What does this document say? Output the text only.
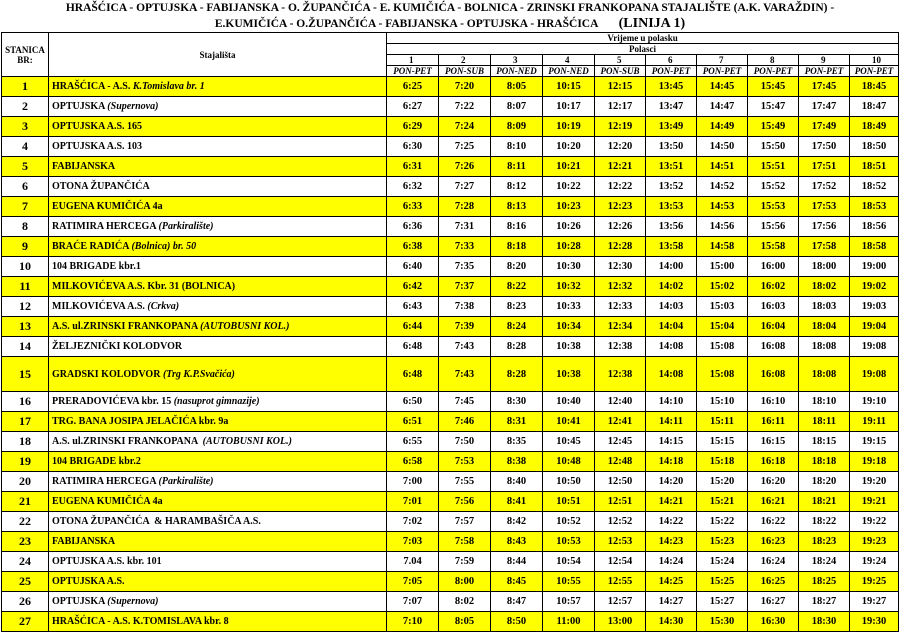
HRAŠĆICA - OPTUJSKA - FABIJANSKA - O. ŽUPANČIĆA - E. KUMIČIĆA - BOLNICA - ZRINSKI FRANKOPANA STAJALIŠTE (A.K. VARAŽDIN) -
E.KUMIČIĆA - O.ŽUPANČIĆA - FABIJANSKA - OPTUJSKA - HRAŠĆICA (LINIJA 1)
STANICA BR:	Stajališta	Vrijeme u polasku									
		Polasci									
		1	2	3	4	5	6	7	8	9	10
		PON-PET	PON-SUB	PON-NED	PON-NED	PON-SUB	PON-PET	PON-PET	PON-PET	PON-PET	PON-PET
1	HRAŠĆICA - A.S. K.Tomislava br. 1	6:25	7:20	8:05	10:15	12:15	13:45	14:45	15:45	17:45	18:45
2	OPTUJSKA (Supernova)	6:27	7:22	8:07	10:17	12:17	13:47	14:47	15:47	17:47	18:47
3	OPTUJSKA A.S. 165	6:29	7:24	8:09	10:19	12:19	13:49	14:49	15:49	17:49	18:49
4	OPTUJSKA A.S. 103	6:30	7:25	8:10	10:20	12:20	13:50	14:50	15:50	17:50	18:50
5	FABIJANSKA	6:31	7:26	8:11	10:21	12:21	13:51	14:51	15:51	17:51	18:51
6	OTONA ŽUPANČIĆA	6:32	7:27	8:12	10:22	12:22	13:52	14:52	15:52	17:52	18:52
7	EUGENA KUMIČIĆA 4a	6:33	7:28	8:13	10:23	12:23	13:53	14:53	15:53	17:53	18:53
8	RATIMIRA HERCEGA (Parkiralište)	6:36	7:31	8:16	10:26	12:26	13:56	14:56	15:56	17:56	18:56
9	BRAĆE RADIĆA (Bolnica) br. 50	6:38	7:33	8:18	10:28	12:28	13:58	14:58	15:58	17:58	18:58
10	104 BRIGADE kbr.1	6:40	7:35	8:20	10:30	12:30	14:00	15:00	16:00	18:00	19:00
11	MILKOVIĆEVA A.S. Kbr. 31 (BOLNICA)	6:42	7:37	8:22	10:32	12:32	14:02	15:02	16:02	18:02	19:02
12	MILKOVIĆEVA A.S. (Crkva)	6:43	7:38	8:23	10:33	12:33	14:03	15:03	16:03	18:03	19:03
13	A.S. ul.ZRINSKI FRANKOPANA (AUTOBUSNI KOL.)	6:44	7:39	8:24	10:34	12:34	14:04	15:04	16:04	18:04	19:04
14	ŽELJEZNIČKI KOLODVOR	6:48	7:43	8:28	10:38	12:38	14:08	15:08	16:08	18:08	19:08
15	GRADSKI KOLODVOR (Trg K.P.Svačića)	6:48	7:43	8:28	10:38	12:38	14:08	15:08	16:08	18:08	19:08
16	PRERADOVIĆEVA kbr. 15 (nasuprot gimnazije)	6:50	7:45	8:30	10:40	12:40	14:10	15:10	16:10	18:10	19:10
17	TRG. BANA JOSIPA JELAČIĆA kbr. 9a	6:51	7:46	8:31	10:41	12:41	14:11	15:11	16:11	18:11	19:11
18	A.S. ul.ZRINSKI FRANKOPANA  (AUTOBUSNI KOL.)	6:55	7:50	8:35	10:45	12:45	14:15	15:15	16:15	18:15	19:15
19	104 BRIGADE kbr.2	6:58	7:53	8:38	10:48	12:48	14:18	15:18	16:18	18:18	19:18
20	RATIMIRA HERCEGA (Parkiralište)	7:00	7:55	8:40	10:50	12:50	14:20	15:20	16:20	18:20	19:20
21	EUGENA KUMIČIĆA 4a	7:01	7:56	8:41	10:51	12:51	14:21	15:21	16:21	18:21	19:21
22	OTONA ŽUPANČIĆA  & HARAMBAŠIČA A.S.	7:02	7:57	8:42	10:52	12:52	14:22	15:22	16:22	18:22	19:22
23	FABIJANSKA	7:03	7:58	8:43	10:53	12:53	14:23	15:23	16:23	18:23	19:23
24	OPTUJSKA A.S. kbr. 101	7.04	7:59	8:44	10:54	12:54	14:24	15:24	16:24	18:24	19:24
25	OPTUJSKA A.S.	7:05	8:00	8:45	10:55	12:55	14:25	15:25	16:25	18:25	19:25
26	OPTUJSKA (Supernova)	7:07	8:02	8:47	10:57	12:57	14:27	15:27	16:27	18:27	19:27
27	HRAŠĆICA - A.S. K.TOMISLAVA kbr. 8	7:10	8:05	8:50	11:00	13:00	14:30	15:30	16:30	18:30	19:30
